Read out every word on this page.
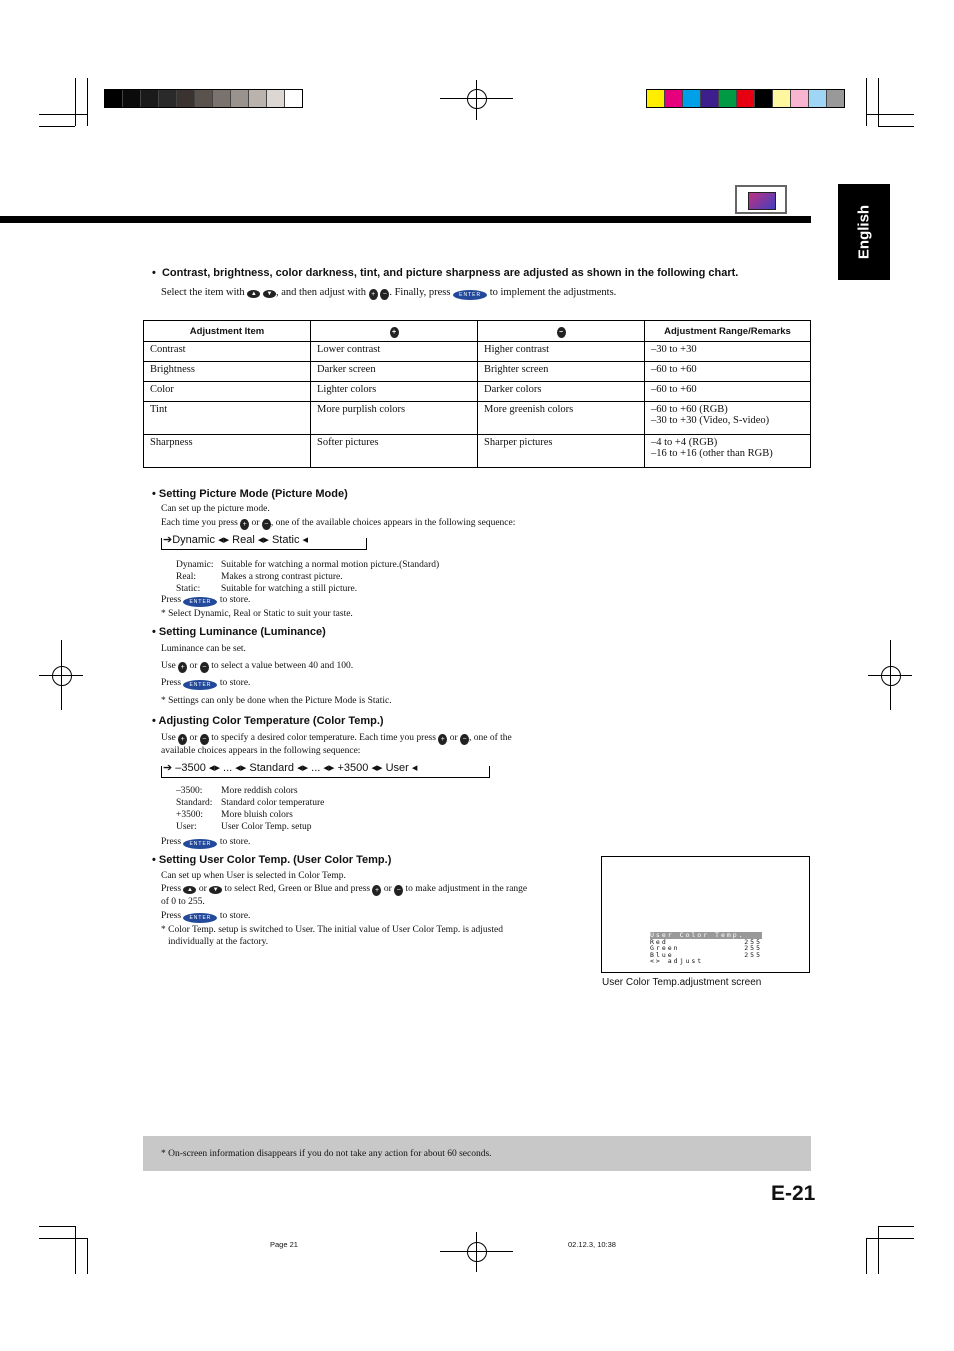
English
•  Contrast, brightness, color darkness, tint, and picture sharpness are adjusted as shown in the following chart.
Select the item with ▲ ▼ , and then adjust with + − . Finally, press ENTER to implement the adjustments.
Adjustment Item	+	−	Adjustment Range/Remarks

Contrast	Lower contrast	Higher contrast	–30 to +30

Brightness	Darker screen	Brighter screen	–60 to +60

Color	Lighter colors	Darker colors	–60 to +60

Tint	More purplish colors	More greenish colors	–60 to +60 (RGB)
–30 to +30 (Video, S-video)

Sharpness	Softer pictures	Sharper pictures	–4 to +4 (RGB)
–16 to +16 (other than RGB)
• Setting Picture Mode (Picture Mode)
Can set up the picture mode.
Each time you press + or − , one of the available choices appears in the following sequence:
➔Dynamic ◂▸ Real ◂▸ Static ◂
Dynamic: Suitable for watching a normal motion picture.(Standard)
Real:	Makes a strong contrast picture.
Static: Suitable for watching a still picture.
Press ENTER to store.
* Select Dynamic, Real or Static to suit your taste.
• Setting Luminance (Luminance)
Luminance can be set.
Use + or − to select a value between 40 and 100.
Press ENTER to store.
* Settings can only be done when the Picture Mode is Static.
• Adjusting Color Temperature (Color Temp.)
Use + or − to specify a desired color temperature. Each time you press + or − , one of the
available choices appears in the following sequence:
➔ –3500 ◂▸ ... ◂▸ Standard ◂▸ ... ◂▸ +3500 ◂▸ User ◂
–3500: More reddish colors
Standard: Standard color temperature
+3500: More bluish colors
User:	User Color Temp. setup
Press ENTER to store.
• Setting User Color Temp. (User Color Temp.)
Can set up when User is selected in Color Temp.
Press ▲ or ▼ to select Red, Green or Blue and press + or − to make adjustment in the range
of 0 to 255.
Press ENTER to store.
* Color Temp. setup is switched to User. The initial value of User Color Temp. is adjusted
individually at the factory.
User Color Temp.
Red	255
Green	255
Blue	255
<> adjust
User Color Temp.adjustment screen
* On-screen information disappears if you do not take any action for about 60 seconds.
E-21
Page 21	02.12.3, 10:38
